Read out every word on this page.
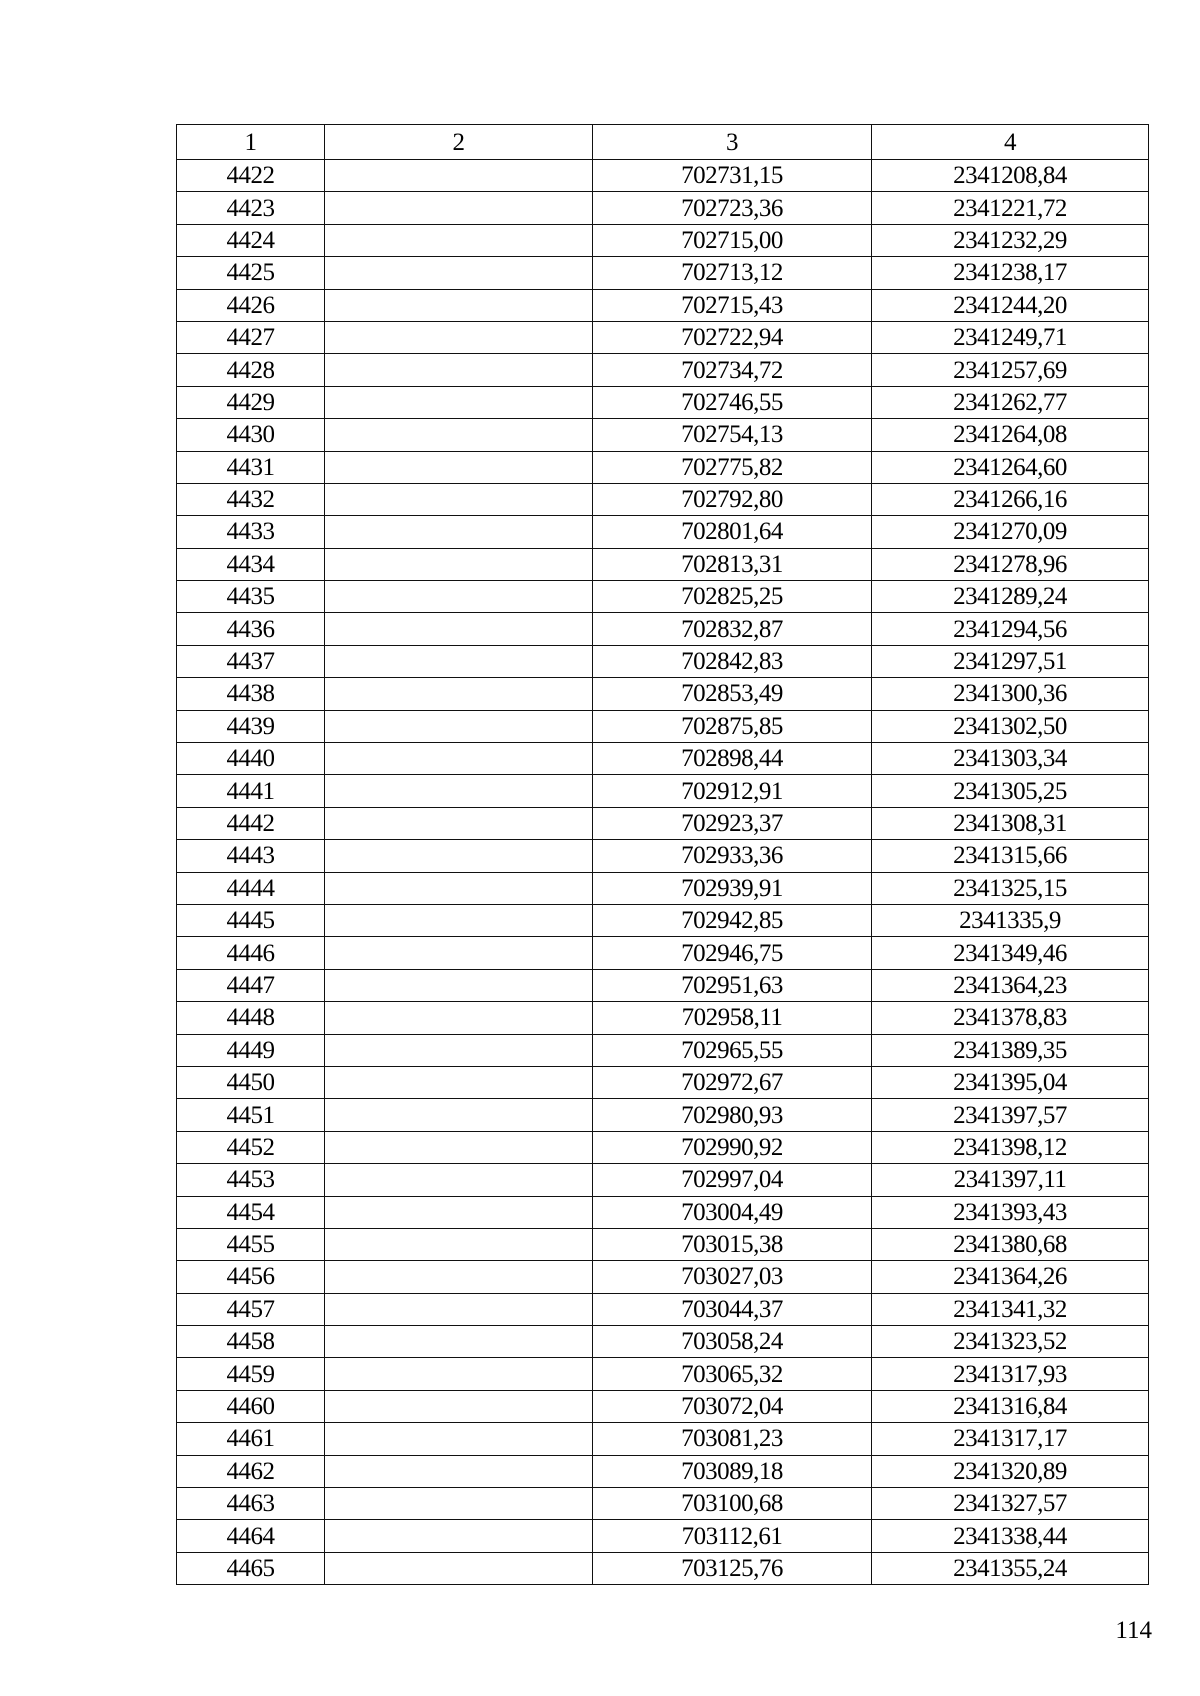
1	2	3	4
4422		702731,15	2341208,84
4423		702723,36	2341221,72
4424		702715,00	2341232,29
4425		702713,12	2341238,17
4426		702715,43	2341244,20
4427		702722,94	2341249,71
4428		702734,72	2341257,69
4429		702746,55	2341262,77
4430		702754,13	2341264,08
4431		702775,82	2341264,60
4432		702792,80	2341266,16
4433		702801,64	2341270,09
4434		702813,31	2341278,96
4435		702825,25	2341289,24
4436		702832,87	2341294,56
4437		702842,83	2341297,51
4438		702853,49	2341300,36
4439		702875,85	2341302,50
4440		702898,44	2341303,34
4441		702912,91	2341305,25
4442		702923,37	2341308,31
4443		702933,36	2341315,66
4444		702939,91	2341325,15
4445		702942,85	2341335,9
4446		702946,75	2341349,46
4447		702951,63	2341364,23
4448		702958,11	2341378,83
4449		702965,55	2341389,35
4450		702972,67	2341395,04
4451		702980,93	2341397,57
4452		702990,92	2341398,12
4453		702997,04	2341397,11
4454		703004,49	2341393,43
4455		703015,38	2341380,68
4456		703027,03	2341364,26
4457		703044,37	2341341,32
4458		703058,24	2341323,52
4459		703065,32	2341317,93
4460		703072,04	2341316,84
4461		703081,23	2341317,17
4462		703089,18	2341320,89
4463		703100,68	2341327,57
4464		703112,61	2341338,44
4465		703125,76	2341355,24
114
